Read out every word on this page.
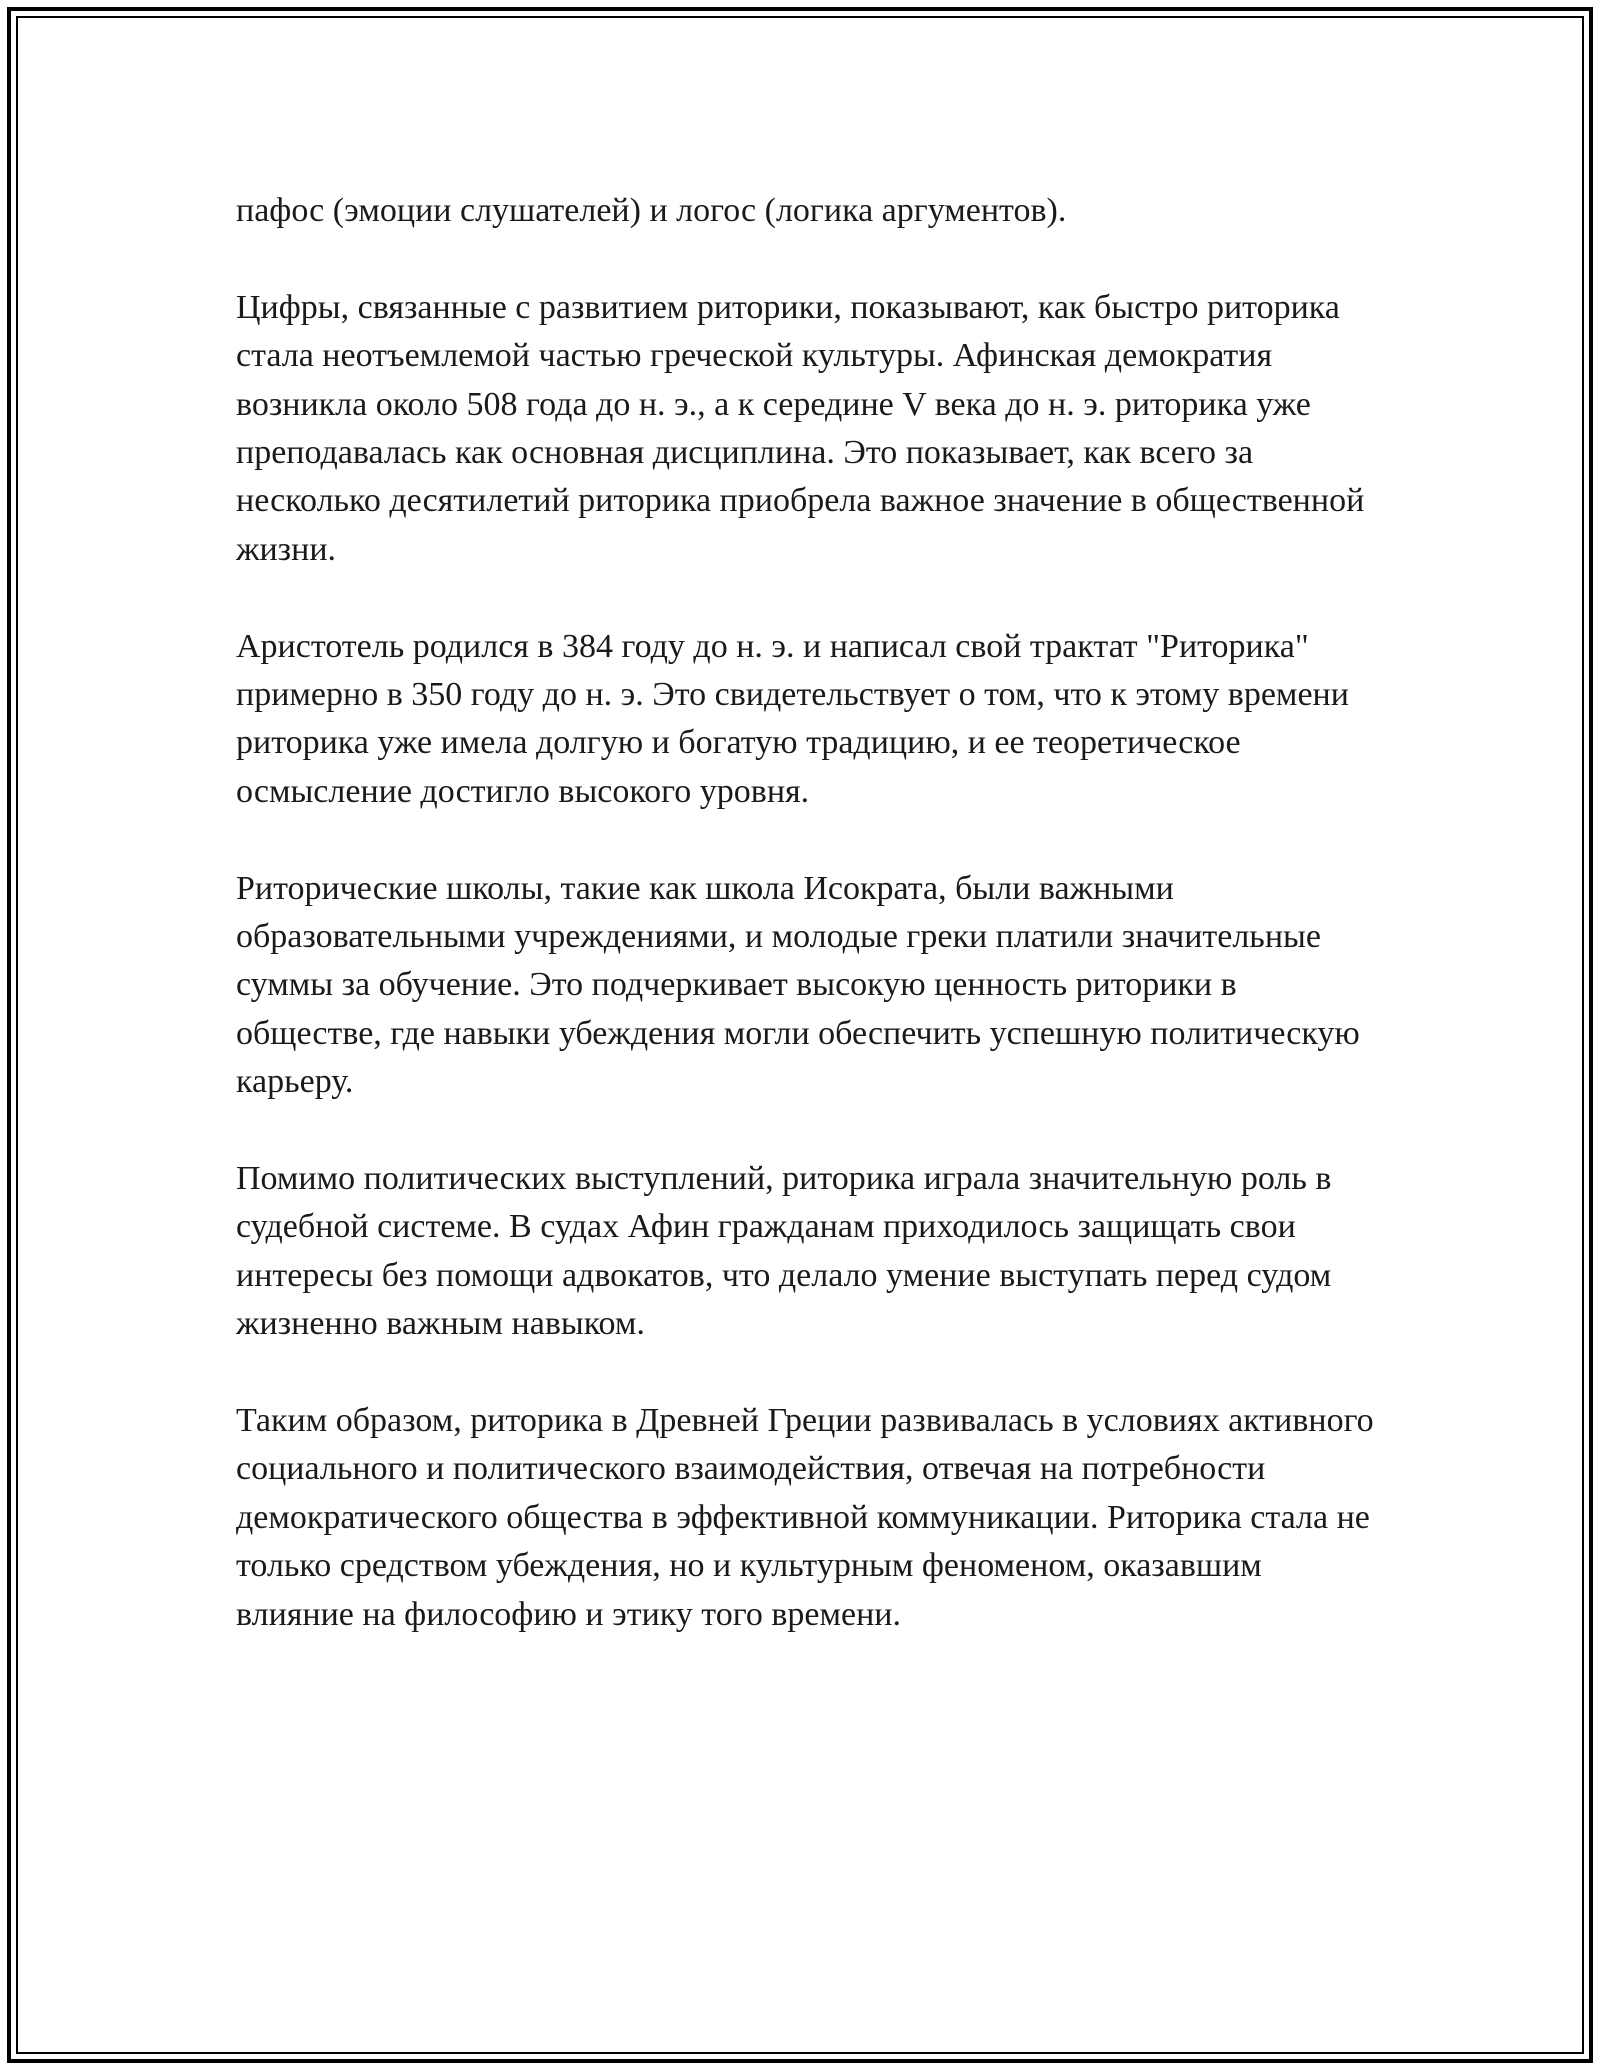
пафос (эмоции слушателей) и логос (логика аргументов).

Цифры, связанные с развитием риторики, показывают, как быстро риторика стала неотъемлемой частью греческой культуры. Афинская демократия возникла около 508 года до н. э., а к середине V века до н. э. риторика уже преподавалась как основная дисциплина. Это показывает, как всего за несколько десятилетий риторика приобрела важное значение в общественной жизни.

Аристотель родился в 384 году до н. э. и написал свой трактат "Риторика" примерно в 350 году до н. э. Это свидетельствует о том, что к этому времени риторика уже имела долгую и богатую традицию, и ее теоретическое осмысление достигло высокого уровня.

Риторические школы, такие как школа Исократа, были важными образовательными учреждениями, и молодые греки платили значительные суммы за обучение. Это подчеркивает высокую ценность риторики в обществе, где навыки убеждения могли обеспечить успешную политическую карьеру.

Помимо политических выступлений, риторика играла значительную роль в судебной системе. В судах Афин гражданам приходилось защищать свои интересы без помощи адвокатов, что делало умение выступать перед судом жизненно важным навыком.

Таким образом, риторика в Древней Греции развивалась в условиях активного социального и политического взаимодействия, отвечая на потребности демократического общества в эффективной коммуникации. Риторика стала не только средством убеждения, но и культурным феноменом, оказавшим влияние на философию и этику того времени.
